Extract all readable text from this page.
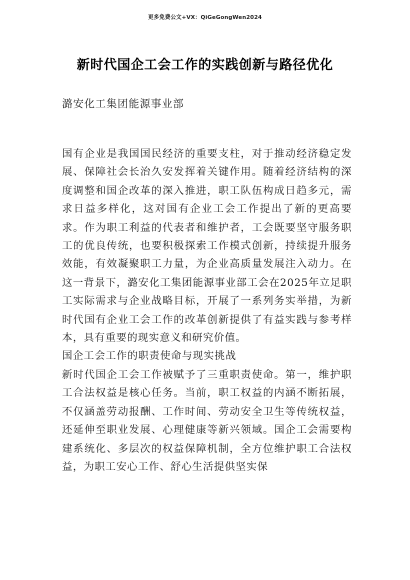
更多免费公文+VX：QiGeGongWen2024
新时代国企工会工作的实践创新与路径优化
潞安化工集团能源事业部

国有企业是我国国民经济的重要支柱，对于推动经济稳定发展、保障社会长治久安发挥着关键作用。随着经济结构的深度调整和国企改革的深入推进，职工队伍构成日趋多元，需求日益多样化，这对国有企业工会工作提出了新的更高要求。作为职工利益的代表者和维护者，工会既要坚守服务职工的优良传统，也要积极探索工作模式创新，持续提升服务效能，有效凝聚职工力量，为企业高质量发展注入动力。在这一背景下，潞安化工集团能源事业部工会在2025年立足职工实际需求与企业战略目标，开展了一系列务实举措，为新时代国有企业工会工作的改革创新提供了有益实践与参考样本，具有重要的现实意义和研究价值。

国企工会工作的职责使命与现实挑战

新时代国企工会工作被赋予了三重职责使命。第一，维护职工合法权益是核心任务。当前，职工权益的内涵不断拓展，不仅涵盖劳动报酬、工作时间、劳动安全卫生等传统权益，还延伸至职业发展、心理健康等新兴领域。国企工会需要构建系统化、多层次的权益保障机制，全方位维护职工合法权益，为职工安心工作、舒心生活提供坚实保
